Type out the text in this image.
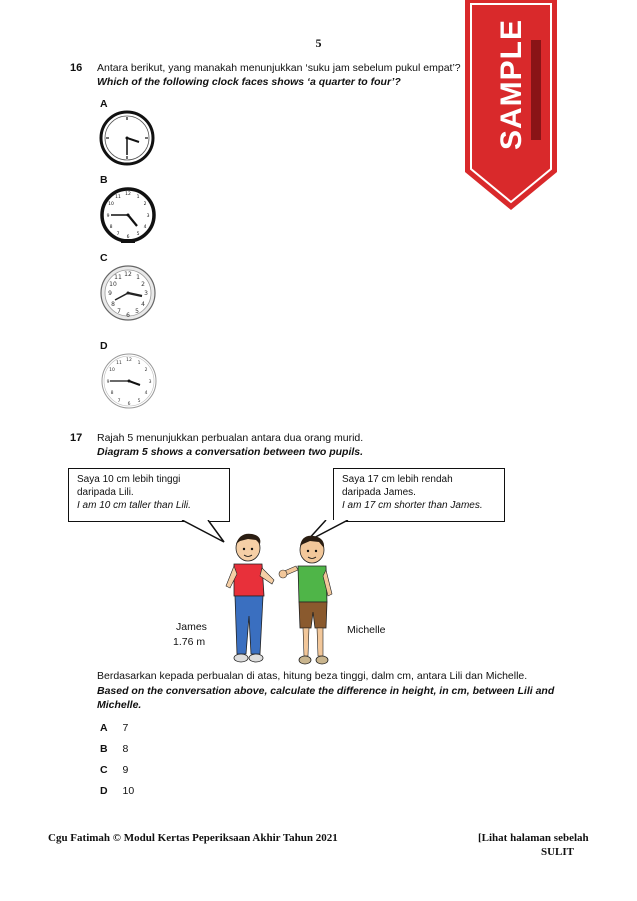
5	SAMPLE
16 Antara berikut, yang manakah menunjukkan ‘suku jam sebelum pukul empat’?
Which of the following clock faces shows ‘a quarter to four’?
A
B
12
1
2
3
4
5
6
7
8
9
10
11
C
12
3
6
9
11 1
2
4
5
7
8
10
D
12
1
2
3
4
5
6
7
8
9
10
11
17 Rajah 5 menunjukkan perbualan antara dua orang murid.
Diagram 5 shows a conversation between two pupils.
Saya 10 cm lebih tinggi
daripada Lili.
I am 10 cm taller than Lili.
Saya 17 cm lebih rendah
daripada James.
I am 17 cm shorter than James.
James
1.76 m
Michelle
Berdasarkan kepada perbualan di atas, hitung beza tinggi, dalm cm, antara Lili dan Michelle.
Based on the conversation above, calculate the difference in height, in cm, between Lili and
Michelle.
A 7
B 8
C 9
D 10
Cgu Fatimah © Modul Kertas Peperiksaan Akhir Tahun 2021	[Lihat halaman sebelah
SULIT
